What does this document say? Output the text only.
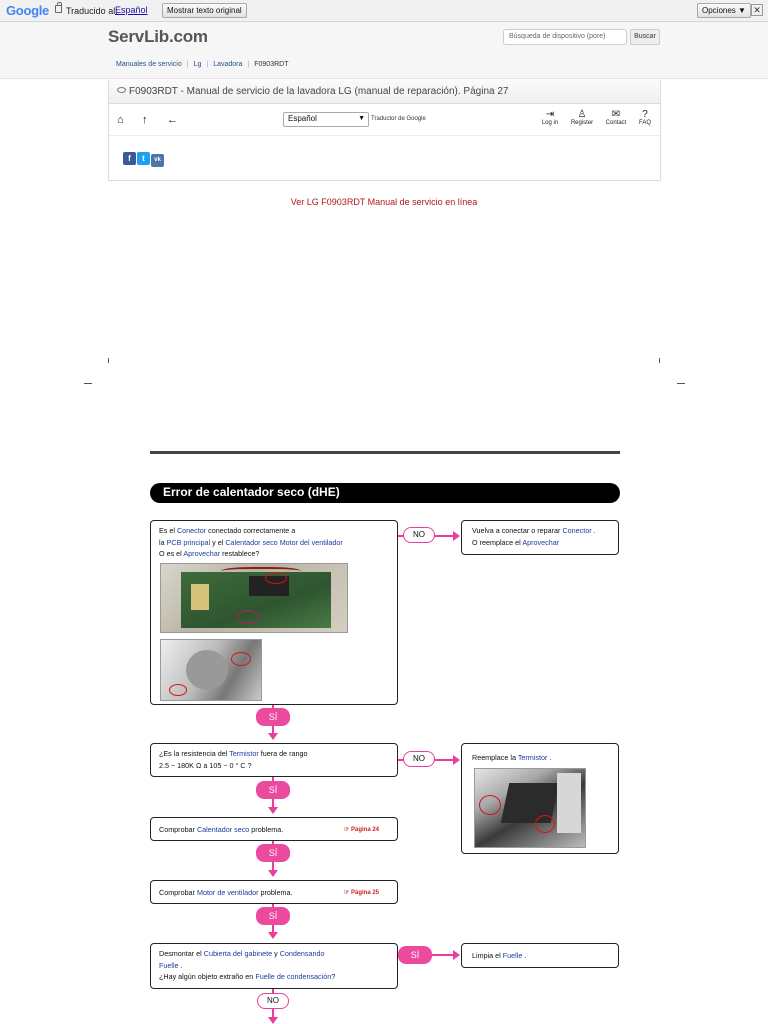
Google Traducido al:
Español	Mostrar texto original	Opciones ▼ ✕
ServLib.com	Búsqueda de dispositivo (pore)	Buscar
Manuales de servicio | Lg | Lavadora | F0903RDT
F0903RDT - Manual de servicio de la lavadora LG (manual de reparación). Página 27
⌂ ↑ ←	Español	▼ Traductor de Google	⇥
Log in
♙
Register
✉
Contact
?
FAQ
f t vk
Ver LG F0903RDT Manual de servicio en línea
Error de calentador seco (dHE)
Es el Conector conectado correctamente a
la PCB principal y el Calentador seco Motor del ventilador
O es el Aprovechar restablece?
NO	Vuelva a conectar o reparar Conector .
O reemplace el Aprovechar
SÍ
¿Es la resistencia del Termistor fuera de rango
2.5 ~ 180K Ω a 105 ~ 0 ° C ?
NO	Reemplace la Termistor .
SÍ
Comprobar Calentador seco problema.	☞ Página 24
SÍ
Comprobar Motor de ventilador problema.	☞ Página 25
SÍ
Desmontar el Cubierta del gabinete y Condensando
Fuelle .
¿Hay algún objeto extraño en Fuelle de condensación?
SÍ	Limpia el Fuelle .
NO
